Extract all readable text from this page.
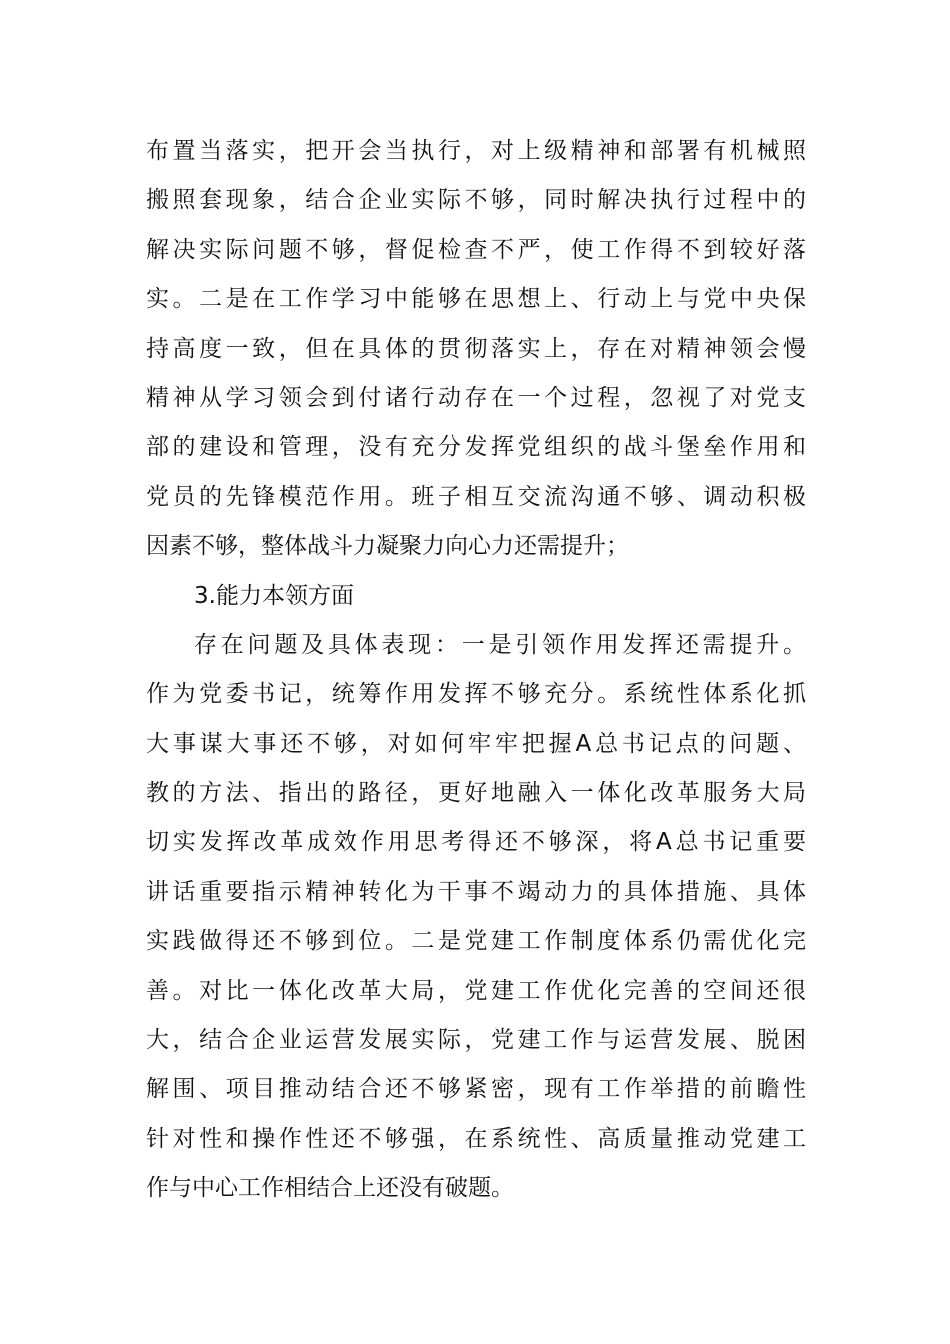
布置当落实，把开会当执行，对上级精神和部署有机械照
搬照套现象，结合企业实际不够，同时解决执行过程中的
解决实际问题不够，督促检查不严，使工作得不到较好落
实。二是在工作学习中能够在思想上、行动上与党中央保
持高度一致，但在具体的贯彻落实上，存在对精神领会慢
精神从学习领会到付诸行动存在一个过程，忽视了对党支
部的建设和管理，没有充分发挥党组织的战斗堡垒作用和
党员的先锋模范作用。班子相互交流沟通不够、调动积极
因素不够，整体战斗力凝聚力向心力还需提升；
3.能力本领方面
存在问题及具体表现：一是引领作用发挥还需提升。
作为党委书记，统筹作用发挥不够充分。系统性体系化抓
大事谋大事还不够，对如何牢牢把握A总书记点的问题、
教的方法、指出的路径，更好地融入一体化改革服务大局
切实发挥改革成效作用思考得还不够深，将A总书记重要
讲话重要指示精神转化为干事不竭动力的具体措施、具体
实践做得还不够到位。二是党建工作制度体系仍需优化完
善。对比一体化改革大局，党建工作优化完善的空间还很
大，结合企业运营发展实际，党建工作与运营发展、脱困
解围、项目推动结合还不够紧密，现有工作举措的前瞻性
针对性和操作性还不够强，在系统性、高质量推动党建工
作与中心工作相结合上还没有破题。
